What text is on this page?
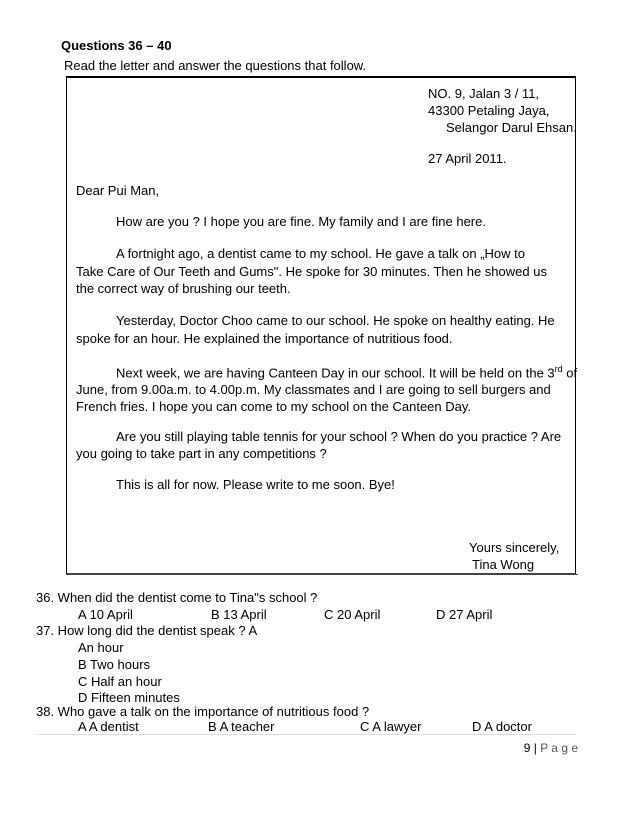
Questions 36 – 40
Read the letter and answer the questions that follow.
NO. 9, Jalan 3 / 11,
43300 Petaling Jaya,
Selangor Darul Ehsan.
27 April 2011.
Dear Pui Man,
How are you ? I hope you are fine. My family and I are fine here.
A fortnight ago, a dentist came to my school. He gave a talk on „How to
Take Care of Our Teeth and Gums". He spoke for 30 minutes. Then he showed us the correct way of brushing our teeth.
Yesterday, Doctor Choo came to our school. He spoke on healthy eating. He
spoke for an hour. He explained the importance of nutritious food.
Next week, we are having Canteen Day in our school. It will be held on the 3rd of
June, from 9.00a.m. to 4.00p.m. My classmates and I are going to sell burgers and French fries. I hope you can come to my school on the Canteen Day.
Are you still playing table tennis for your school ? When do you practice ? Are
you going to take part in any competitions ?
This is all for now. Please write to me soon. Bye!
Yours sincerely,
Tina Wong
36. When did the dentist come to Tina"s school ?
A 10 April	B 13 April	C 20 April	D 27 April
37. How long did the dentist speak ? A
An hour
B Two hours
C Half an hour
D Fifteen minutes
38. Who gave a talk on the importance of nutritious food ?
A A dentist	B A teacher	C A lawyer	D A doctor
9 | P a g e
